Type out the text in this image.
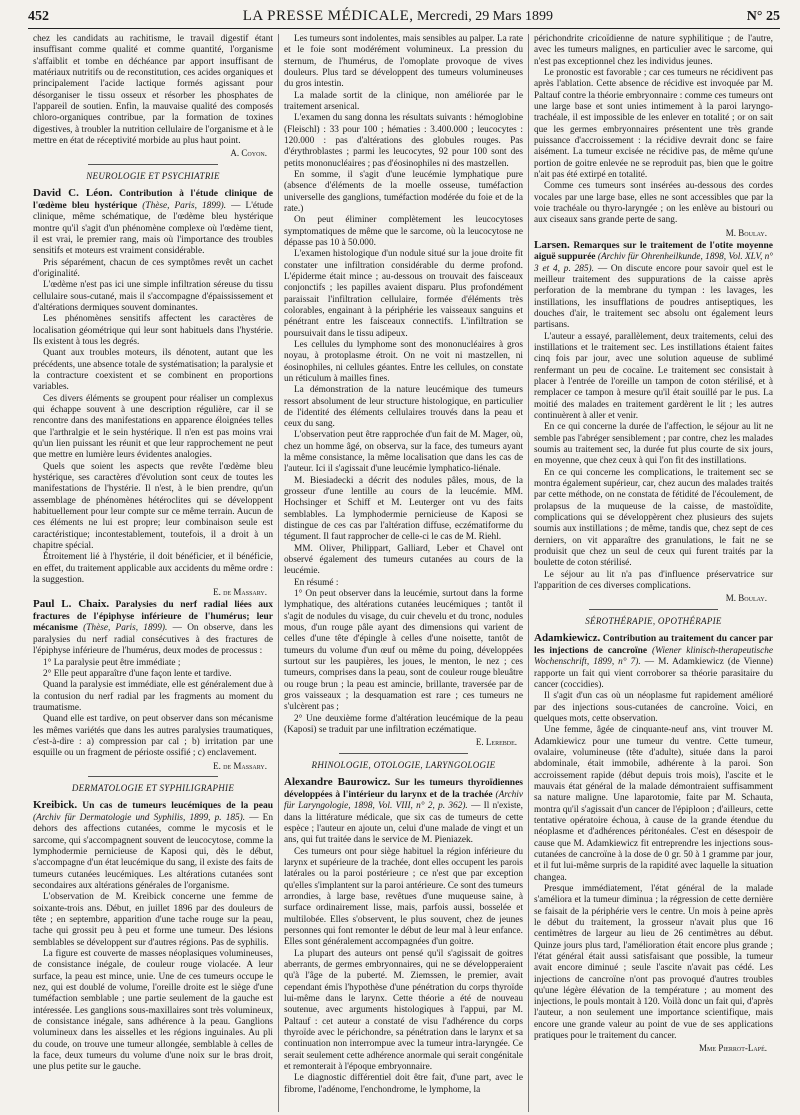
452	LA PRESSE MÉDICALE, Mercredi, 29 Mars 1899	N° 25

chez les candidats au rachitisme, le travail digestif étant insuffisant comme qualité et comme quantité, l'organisme s'affaiblit et tombe en déchéance par apport insuffisant de matériaux nutritifs ou de reconstitution, ces acides organiques et principalement l'acide lactique formés agissant pour désorganiser le tissu osseux et résorber les phosphates de l'appareil de soutien. Enfin, la mauvaise qualité des composés chloro-organiques contribue, par la formation de toxines digestives, à troubler la nutrition cellulaire de l'organisme et à le mettre en état de réceptivité morbide au plus haut point.

A. Coyon.
NEUROLOGIE ET PSYCHIATRIE

David C. Léon. Contribution à l'étude clinique de l'œdème bleu hystérique (Thèse, Paris, 1899). — L'étude clinique, même schématique, de l'œdème bleu hystérique montre qu'il s'agit d'un phénomène complexe où l'œdème tient, il est vrai, le premier rang, mais où l'importance des troubles sensitifs et moteurs est vraiment considérable.

Pris séparément, chacun de ces symptômes revêt un cachet d'originalité.

L'œdème n'est pas ici une simple infiltration séreuse du tissu cellulaire sous-cutané, mais il s'accompagne d'épaississement et d'altérations dermiques souvent dominantes.

Les phénomènes sensitifs affectent les caractères de localisation géométrique qui leur sont habituels dans l'hystérie. Ils existent à tous les degrés.

Quant aux troubles moteurs, ils dénotent, autant que les précédents, une absence totale de systématisation; la paralysie et la contracture coexistent et se combinent en proportions variables.

Ces divers éléments se groupent pour réaliser un complexus qui échappe souvent à une description régulière, car il se rencontre dans des manifestations en apparence éloignées telles que l'arthralgie et le sein hystérique. Il n'en est pas moins vrai qu'un lien puissant les réunit et que leur rapprochement ne peut que mettre en lumière leurs évidentes analogies.

Quels que soient les aspects que revête l'œdème bleu hystérique, ses caractères d'évolution sont ceux de toutes les manifestations de l'hystérie. Il n'est, à le bien prendre, qu'un assemblage de phénomènes hétéroclites qui se développent habituellement pour leur compte sur ce même terrain. Aucun de ces éléments ne lui est propre; leur combinaison seule est caractéristique; incontestablement, toutefois, il a droit à un chapitre spécial.

Étroitement lié à l'hystérie, il doit bénéficier, et il bénéficie, en effet, du traitement applicable aux accidents du même ordre : la suggestion.

E. de Massary.

Paul L. Chaix. Paralysies du nerf radial liées aux fractures de l'épiphyse inférieure de l'humérus; leur mécanisme (Thèse, Paris, 1899). — On observe, dans les paralysies du nerf radial consécutives à des fractures de l'épiphyse inférieure de l'humérus, deux modes de processus :

1° La paralysie peut être immédiate ;

2° Elle peut apparaître d'une façon lente et tardive.

Quand la paralysie est immédiate, elle est généralement due à la contusion du nerf radial par les fragments au moment du traumatisme.

Quand elle est tardive, on peut observer dans son mécanisme les mêmes variétés que dans les autres paralysies traumatiques, c'est-à-dire : a) compression par cal ; b) irritation par une esquille ou un fragment de périoste ossifié ; c) enclavement.

E. de Massary.
DERMATOLOGIE ET SYPHILIGRAPHIE

Kreibick. Un cas de tumeurs leucémiques de la peau (Archiv für Dermatologie und Syphilis, 1899, p. 185). — En dehors des affections cutanées, comme le mycosis et le sarcome, qui s'accompagnent souvent de leucocytose, comme la lymphodermie pernicieuse de Kaposi qui, dès le début, s'accompagne d'un état leucémique du sang, il existe des faits de tumeurs cutanées leucémiques. Les altérations cutanées sont secondaires aux altérations générales de l'organisme.

L'observation de M. Kreibick concerne une femme de soixante-trois ans. Début, en juillet 1896 par des douleurs de tête ; en septembre, apparition d'une tache rouge sur la peau, tache qui grossit peu à peu et forme une tumeur. Des lésions semblables se développent sur d'autres régions. Pas de syphilis.

La figure est couverte de masses néoplasiques volumineuses, de consistance inégale, de couleur rouge violacée. A leur surface, la peau est mince, unie. Une de ces tumeurs occupe le nez, qui est doublé de volume, l'oreille droite est le siège d'une tuméfaction semblable ; une partie seulement de la gauche est intéressée. Les ganglions sous-maxillaires sont très volumineux, de consistance inégale, sans adhérence à la peau. Ganglions volumineux dans les aisselles et les régions inguinales. Au pli du coude, on trouve une tumeur allongée, semblable à celles de la face, deux tumeurs du volume d'une noix sur le bras droit, une plus petite sur le gauche.

Les tumeurs sont indolentes, mais sensibles au palper. La rate et le foie sont modérément volumineux. La pression du sternum, de l'humérus, de l'omoplate provoque de vives douleurs. Plus tard se développent des tumeurs volumineuses du gros intestin.

La malade sortit de la clinique, non améliorée par le traitement arsenical.

L'examen du sang donna les résultats suivants : hémoglobine (Fleischl) : 33 pour 100 ; hématies : 3.400.000 ; leucocytes : 120.000 : pas d'altérations des globules rouges. Pas d'érythroblastes ; parmi les leucocytes, 92 pour 100 sont des petits mononucléaires ; pas d'éosinophiles ni des mastzellen.

En somme, il s'agit d'une leucémie lymphatique pure (absence d'éléments de la moelle osseuse, tuméfaction universelle des ganglions, tuméfaction modérée du foie et de la rate.)

On peut éliminer complètement les leucocytoses symptomatiques de même que le sarcome, où la leucocytose ne dépasse pas 10 à 50.000.

L'examen histologique d'un nodule situé sur la joue droite fit constater une infiltration considérable du derme profond. L'épiderme était mince ; au-dessous on trouvait des faisceaux conjonctifs ; les papilles avaient disparu. Plus profondément paraissait l'infiltration cellulaire, formée d'éléments très colorables, engainant à la périphérie les vaisseaux sanguins et pénétrant entre les faisceaux connectifs. L'infiltration se poursuivait dans le tissu adipeux.

Les cellules du lymphome sont des mononucléaires à gros noyau, à protoplasme étroit. On ne voit ni mastzellen, ni éosinophiles, ni cellules géantes. Entre les cellules, on constate un réticulum à mailles fines.

La démonstration de la nature leucémique des tumeurs ressort absolument de leur structure histologique, en particulier de l'identité des éléments cellulaires trouvés dans la peau et ceux du sang.

L'observation peut être rapprochée d'un fait de M. Mager, où, chez un homme âgé, on observa, sur la face, des tumeurs ayant la même consistance, la même localisation que dans les cas de l'auteur. Ici il s'agissait d'une leucémie lymphatico-liénale.

M. Biesiadecki a décrit des nodules pâles, mous, de la grosseur d'une lentille au cours de la leucémie. MM. Hochsinger et Schiff et M. Leuterger ont vu des faits semblables. La lymphodermie pernicieuse de Kaposi se distingue de ces cas par l'altération diffuse, eczématiforme du tégument. Il faut rapprocher de celle-ci le cas de M. Riehl.

MM. Oliver, Philippart, Galliard, Leber et Chavel ont observé également des tumeurs cutanées au cours de la leucémie.

En résumé :

1° On peut observer dans la leucémie, surtout dans la forme lymphatique, des altérations cutanées leucémiques ; tantôt il s'agit de nodules du visage, du cuir chevelu et du tronc, nodules mous, d'un rouge pâle ayant des dimensions qui varient de celles d'une tête d'épingle à celles d'une noisette, tantôt de tumeurs du volume d'un œuf ou même du poing, développées surtout sur les paupières, les joues, le menton, le nez ; ces tumeurs, comprises dans la peau, sont de couleur rouge bleuâtre ou rouge brun ; la peau est amincie, brillante, traversée par de gros vaisseaux ; la desquamation est rare ; ces tumeurs ne s'ulcèrent pas ;

2° Une deuxième forme d'altération leucémique de la peau (Kaposi) se traduit par une infiltration eczématique.

E. Lerebde.
RHINOLOGIE, OTOLOGIE, LARYNGOLOGIE

Alexandre Baurowicz. Sur les tumeurs thyroïdiennes développées à l'intérieur du larynx et de la trachée (Archiv für Laryngologie, 1898, Vol. VIII, n° 2, p. 362). — Il n'existe, dans la littérature médicale, que six cas de tumeurs de cette espèce ; l'auteur en ajoute un, celui d'une malade de vingt et un ans, qui fut traitée dans le service de M. Pieniazek.

Ces tumeurs ont pour siège habituel la région inférieure du larynx et supérieure de la trachée, dont elles occupent les parois latérales ou la paroi postérieure ; ce n'est que par exception qu'elles s'implantent sur la paroi antérieure. Ce sont des tumeurs arrondies, à large base, revêtues d'une muqueuse saine, à surface ordinairement lisse, mais, parfois aussi, bosselée et multilobée. Elles s'observent, le plus souvent, chez de jeunes personnes qui font remonter le début de leur mal à leur enfance. Elles sont généralement accompagnées d'un goitre.

La plupart des auteurs ont pensé qu'il s'agissait de goitres aberrants, de germes embryonnaires, qui ne se développeraient qu'à l'âge de la puberté. M. Ziemssen, le premier, avait cependant émis l'hypothèse d'une pénétration du corps thyroïde lui-même dans le larynx. Cette théorie a été de nouveau soutenue, avec arguments histologiques à l'appui, par M. Paltauf : cet auteur a constaté de visu l'adhérence du corps thyroïde avec le périchondre, sa pénétration dans le larynx et sa continuation non interrompue avec la tumeur intra-laryngée. Ce serait seulement cette adhérence anormale qui serait congénitale et remonterait à l'époque embryonnaire.

Le diagnostic différentiel doit être fait, d'une part, avec le fibrome, l'adénome, l'enchondrome, le lymphome, la

périchondrite cricoïdienne de nature syphilitique ; de l'autre, avec les tumeurs malignes, en particulier avec le sarcome, qui n'est pas exceptionnel chez les individus jeunes.

Le pronostic est favorable ; car ces tumeurs ne récidivent pas après l'ablation. Cette absence de récidive est invoquée par M. Paltauf contre la théorie embryonnaire : comme ces tumeurs ont une large base et sont unies intimement à la paroi laryngo-trachéale, il est impossible de les enlever en totalité ; or on sait que les germes embryonnaires présentent une très grande puissance d'accroissement : la récidive devrait donc se faire aisément. La tumeur excisée ne récidive pas, de même qu'une portion de goitre enlevée ne se reproduit pas, bien que le goitre n'ait pas été extirpé en totalité.

Comme ces tumeurs sont insérées au-dessous des cordes vocales par une large base, elles ne sont accessibles que par la voie trachéale ou thyro-laryngée ; on les enlève au bistouri ou aux ciseaux sans grande perte de sang.

M. Boulay.

Larsen. Remarques sur le traitement de l'otite moyenne aiguë suppurée (Archiv für Ohrenheilkunde, 1898, Vol. XLV, n° 3 et 4, p. 285). — On discute encore pour savoir quel est le meilleur traitement des suppurations de la caisse après perforation de la membrane du tympan : les lavages, les instillations, les insufflations de poudres antiseptiques, les douches d'air, le traitement sec absolu ont également leurs partisans.

L'auteur a essayé, parallèlement, deux traitements, celui des instillations et le traitement sec. Les instillations étaient faites cinq fois par jour, avec une solution aqueuse de sublimé renfermant un peu de cocaïne. Le traitement sec consistait à placer à l'entrée de l'oreille un tampon de coton stérilisé, et à remplacer ce tampon à mesure qu'il était souillé par le pus. La moitié des malades en traitement gardèrent le lit ; les autres continuèrent à aller et venir.

En ce qui concerne la durée de l'affection, le séjour au lit ne semble pas l'abréger sensiblement ; par contre, chez les malades soumis au traitement sec, la durée fut plus courte de six jours, en moyenne, que chez ceux à qui l'on fit des instillations.

En ce qui concerne les complications, le traitement sec se montra également supérieur, car, chez aucun des malades traités par cette méthode, on ne constata de fétidité de l'écoulement, de prolapsus de la muqueuse de la caisse, de mastoïdite, complications qui se développèrent chez plusieurs des sujets soumis aux instillations ; de même, tandis que, chez sept de ces derniers, on vit apparaître des granulations, le fait ne se produisit que chez un seul de ceux qui furent traités par la boulette de coton stérilisé.

Le séjour au lit n'a pas d'influence préservatrice sur l'apparition de ces diverses complications.

M. Boulay.
SÉROTHÉRAPIE, OPOTHÉRAPIE

Adamkiewicz. Contribution au traitement du cancer par les injections de cancroïne (Wiener klinisch-therapeutische Wochenschrift, 1899, n° 7). — M. Adamkiewicz (de Vienne) rapporte un fait qui vient corroborer sa théorie parasitaire du cancer (coccidies).

Il s'agit d'un cas où un néoplasme fut rapidement amélioré par des injections sous-cutanées de cancroïne. Voici, en quelques mots, cette observation.

Une femme, âgée de cinquante-neuf ans, vint trouver M. Adamkiewicz pour une tumeur du ventre. Cette tumeur, ovalaire, volumineuse (tête d'adulte), située dans la paroi abdominale, était immobile, adhérente à la paroi. Son accroissement rapide (début depuis trois mois), l'ascite et le mauvais état général de la malade démontraient suffisamment sa nature maligne. Une laparotomie, faite par M. Schauta, montra qu'il s'agissait d'un cancer de l'épiploon ; d'ailleurs, cette tentative opératoire échoua, à cause de la grande étendue du néoplasme et d'adhérences péritonéales. C'est en désespoir de cause que M. Adamkiewicz fit entreprendre les injections sous-cutanées de cancroïne à la dose de 0 gr. 50 à 1 gramme par jour, et il fut lui-même surpris de la rapidité avec laquelle la situation changea.

Presque immédiatement, l'état général de la malade s'améliora et la tumeur diminua ; la régression de cette dernière se faisait de la périphérie vers le centre. Un mois à peine après le début du traitement, la grosseur n'avait plus que 16 centimètres de largeur au lieu de 26 centimètres au début. Quinze jours plus tard, l'amélioration était encore plus grande ; l'état général était aussi satisfaisant que possible, la tumeur avait encore diminué ; seule l'ascite n'avait pas cédé. Les injections de cancroïne n'ont pas provoqué d'autres troubles qu'une légère élévation de la température ; au moment des injections, le pouls montait à 120. Voilà donc un fait qui, d'après l'auteur, a non seulement une importance scientifique, mais encore une grande valeur au point de vue de ses applications pratiques pour le traitement du cancer.

Mme Pierrot-Lapé.
